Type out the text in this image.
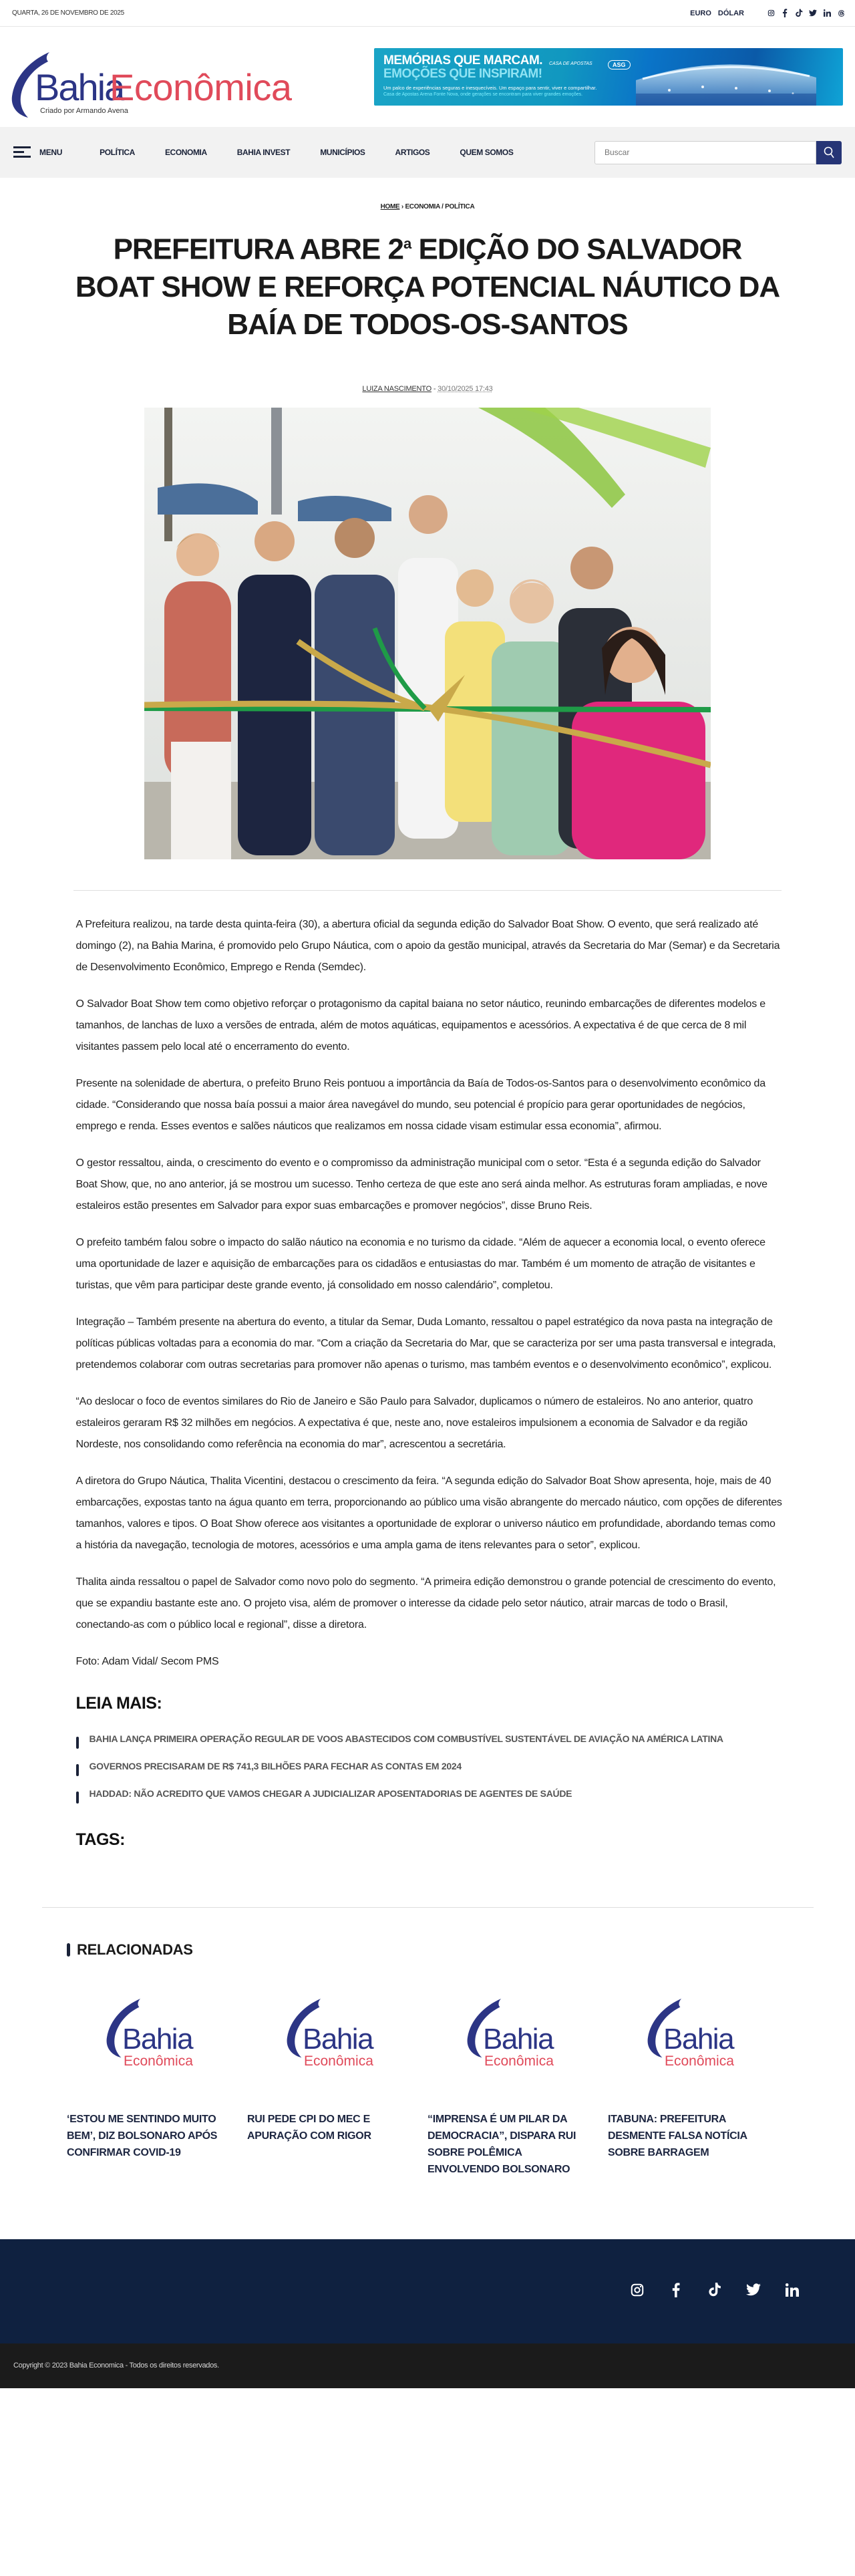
QUARTA, 26 DE NOVEMBRO DE 2025	EURO DÓLAR
Bahia
Econômica
Criado por Armando Avena
MEMÓRIAS QUE MARCAM.
EMOÇÕES QUE INSPIRAM!
Um palco de experiências seguras e inesquecíveis. Um espaço para sentir, viver e compartilhar.
Casa de Apostas Arena Fonte Nova, onde gerações se encontram para viver grandes emoções.
CASA DE APOSTAS	ASG
MENU	POLÍTICA	ECONOMIA	BAHIA INVEST	MUNICÍPIOS	ARTIGOS	QUEM SOMOS
Buscar
HOME › ECONOMIA / POLÍTICA
PREFEITURA ABRE 2$^a$ EDIÇÃO DO SALVADOR BOAT SHOW E REFORÇA POTENCIAL NÁUTICO DA BAÍA DE TODOS-OS-SANTOS
LUIZA NASCIMENTO - 30/10/2025 17:43

A Prefeitura realizou, na tarde desta quinta-feira (30), a abertura oficial da segunda edição do Salvador Boat Show. O evento, que será realizado até domingo (2), na Bahia Marina, é promovido pelo Grupo Náutica, com o apoio da gestão municipal, através da Secretaria do Mar (Semar) e da Secretaria de Desenvolvimento Econômico, Emprego e Renda (Semdec).

O Salvador Boat Show tem como objetivo reforçar o protagonismo da capital baiana no setor náutico, reunindo embarcações de diferentes modelos e tamanhos, de lanchas de luxo a versões de entrada, além de motos aquáticas, equipamentos e acessórios. A expectativa é de que cerca de 8 mil visitantes passem pelo local até o encerramento do evento.

Presente na solenidade de abertura, o prefeito Bruno Reis pontuou a importância da Baía de Todos-os-Santos para o desenvolvimento econômico da cidade. “Considerando que nossa baía possui a maior área navegável do mundo, seu potencial é propício para gerar oportunidades de negócios, emprego e renda. Esses eventos e salões náuticos que realizamos em nossa cidade visam estimular essa economia”, afirmou.

O gestor ressaltou, ainda, o crescimento do evento e o compromisso da administração municipal com o setor. “Esta é a segunda edição do Salvador Boat Show, que, no ano anterior, já se mostrou um sucesso. Tenho certeza de que este ano será ainda melhor. As estruturas foram ampliadas, e nove estaleiros estão presentes em Salvador para expor suas embarcações e promover negócios”, disse Bruno Reis.

O prefeito também falou sobre o impacto do salão náutico na economia e no turismo da cidade. “Além de aquecer a economia local, o evento oferece uma oportunidade de lazer e aquisição de embarcações para os cidadãos e entusiastas do mar. Também é um momento de atração de visitantes e turistas, que vêm para participar deste grande evento, já consolidado em nosso calendário”, completou.

Integração – Também presente na abertura do evento, a titular da Semar, Duda Lomanto, ressaltou o papel estratégico da nova pasta na integração de políticas públicas voltadas para a economia do mar. “Com a criação da Secretaria do Mar, que se caracteriza por ser uma pasta transversal e integrada, pretendemos colaborar com outras secretarias para promover não apenas o turismo, mas também eventos e o desenvolvimento econômico”, explicou.

“Ao deslocar o foco de eventos similares do Rio de Janeiro e São Paulo para Salvador, duplicamos o número de estaleiros. No ano anterior, quatro estaleiros geraram R$ 32 milhões em negócios. A expectativa é que, neste ano, nove estaleiros impulsionem a economia de Salvador e da região Nordeste, nos consolidando como referência na economia do mar”, acrescentou a secretária.

A diretora do Grupo Náutica, Thalita Vicentini, destacou o crescimento da feira. “A segunda edição do Salvador Boat Show apresenta, hoje, mais de 40 embarcações, expostas tanto na água quanto em terra, proporcionando ao público uma visão abrangente do mercado náutico, com opções de diferentes tamanhos, valores e tipos. O Boat Show oferece aos visitantes a oportunidade de explorar o universo náutico em profundidade, abordando temas como a história da navegação, tecnologia de motores, acessórios e uma ampla gama de itens relevantes para o setor”, explicou.

Thalita ainda ressaltou o papel de Salvador como novo polo do segmento. “A primeira edição demonstrou o grande potencial de crescimento do evento, que se expandiu bastante este ano. O projeto visa, além de promover o interesse da cidade pelo setor náutico, atrair marcas de todo o Brasil, conectando-as com o público local e regional”, disse a diretora.

Foto: Adam Vidal/ Secom PMS

LEIA MAIS:
BAHIA LANÇA PRIMEIRA OPERAÇÃO REGULAR DE VOOS ABASTECIDOS COM COMBUSTÍVEL SUSTENTÁVEL DE AVIAÇÃO NA AMÉRICA LATINA
GOVERNOS PRECISARAM DE R$ 741,3 BILHÕES PARA FECHAR AS CONTAS EM 2024
HADDAD: NÃO ACREDITO QUE VAMOS CHEGAR A JUDICIALIZAR APOSENTADORIAS DE AGENTES DE SAÚDE
TAGS:
RELACIONADAS
Bahia
Econômica
‘ESTOU ME SENTINDO MUITO BEM’, DIZ BOLSONARO APÓS CONFIRMAR COVID-19
Bahia
Econômica
RUI PEDE CPI DO MEC E APURAÇÃO COM RIGOR
Bahia
Econômica
“IMPRENSA É UM PILAR DA DEMOCRACIA”, DISPARA RUI SOBRE POLÊMICA ENVOLVENDO BOLSONARO
Bahia
Econômica
ITABUNA: PREFEITURA DESMENTE FALSA NOTÍCIA SOBRE BARRAGEM
Copyright © 2023 Bahia Economica - Todos os direitos reservados.
